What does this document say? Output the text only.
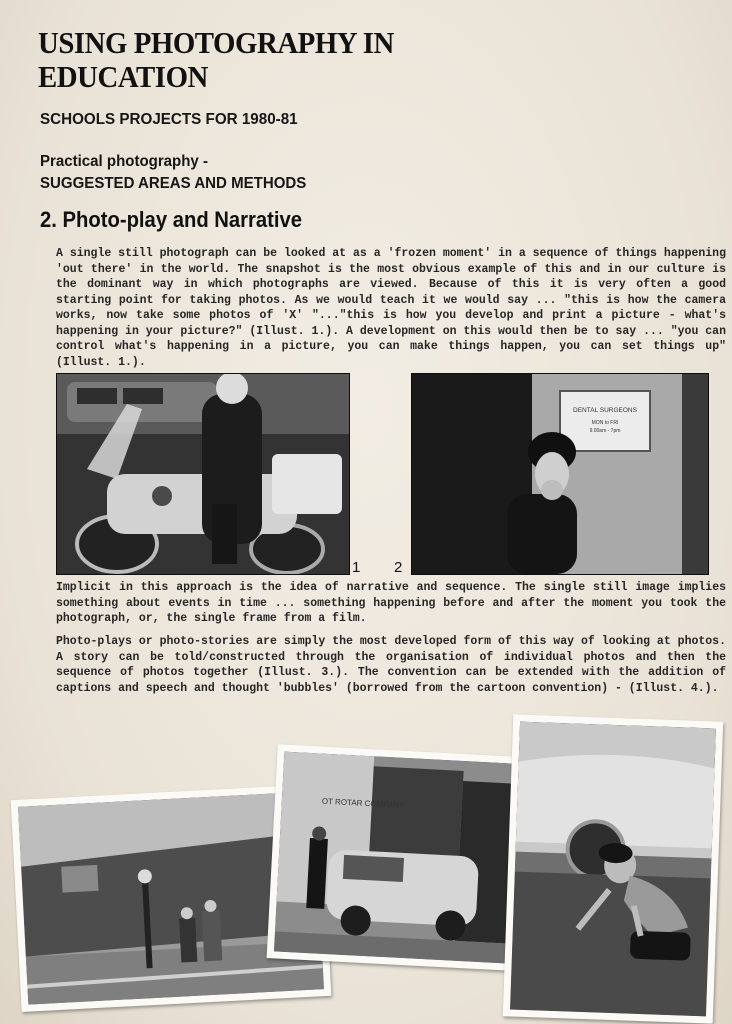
USING PHOTOGRAPHY IN
EDUCATION
SCHOOLS PROJECTS FOR 1980-81
Practical photography -
SUGGESTED AREAS AND METHODS
2. Photo-play and Narrative
A single still photograph can be looked at as a 'frozen moment' in a sequence of things happening 'out there' in the world. The snapshot is the most obvious example of this and in our culture is the dominant way in which photographs are viewed. Because of this it is very often a good starting point for taking photos. As we would teach it we would say ... "this is how the camera works, now take some photos of 'X' "..."this is how you develop and print a picture - what's happening in your picture?" (Illust. 1.). A development on this would then be to say ... "you can control what's happening in a picture, you can make things happen, you can set things up" (Illust. 1.).
1 2
DENTAL SURGEONS
MON to FRI
9.00am - 7pm
Implicit in this approach is the idea of narrative and sequence. The single still image implies something about events in time ... something happening before and after the moment you took the photograph, or, the single frame from a film.
Photo-plays or photo-stories are simply the most developed form of this way of looking at photos. A story can be told/constructed through the organisation of individual photos and then the sequence of photos together (Illust. 3.). The convention can be extended with the addition of captions and speech and thought 'bubbles' (borrowed from the cartoon convention) - (Illust. 4.).
OT ROTAR COMPANY
